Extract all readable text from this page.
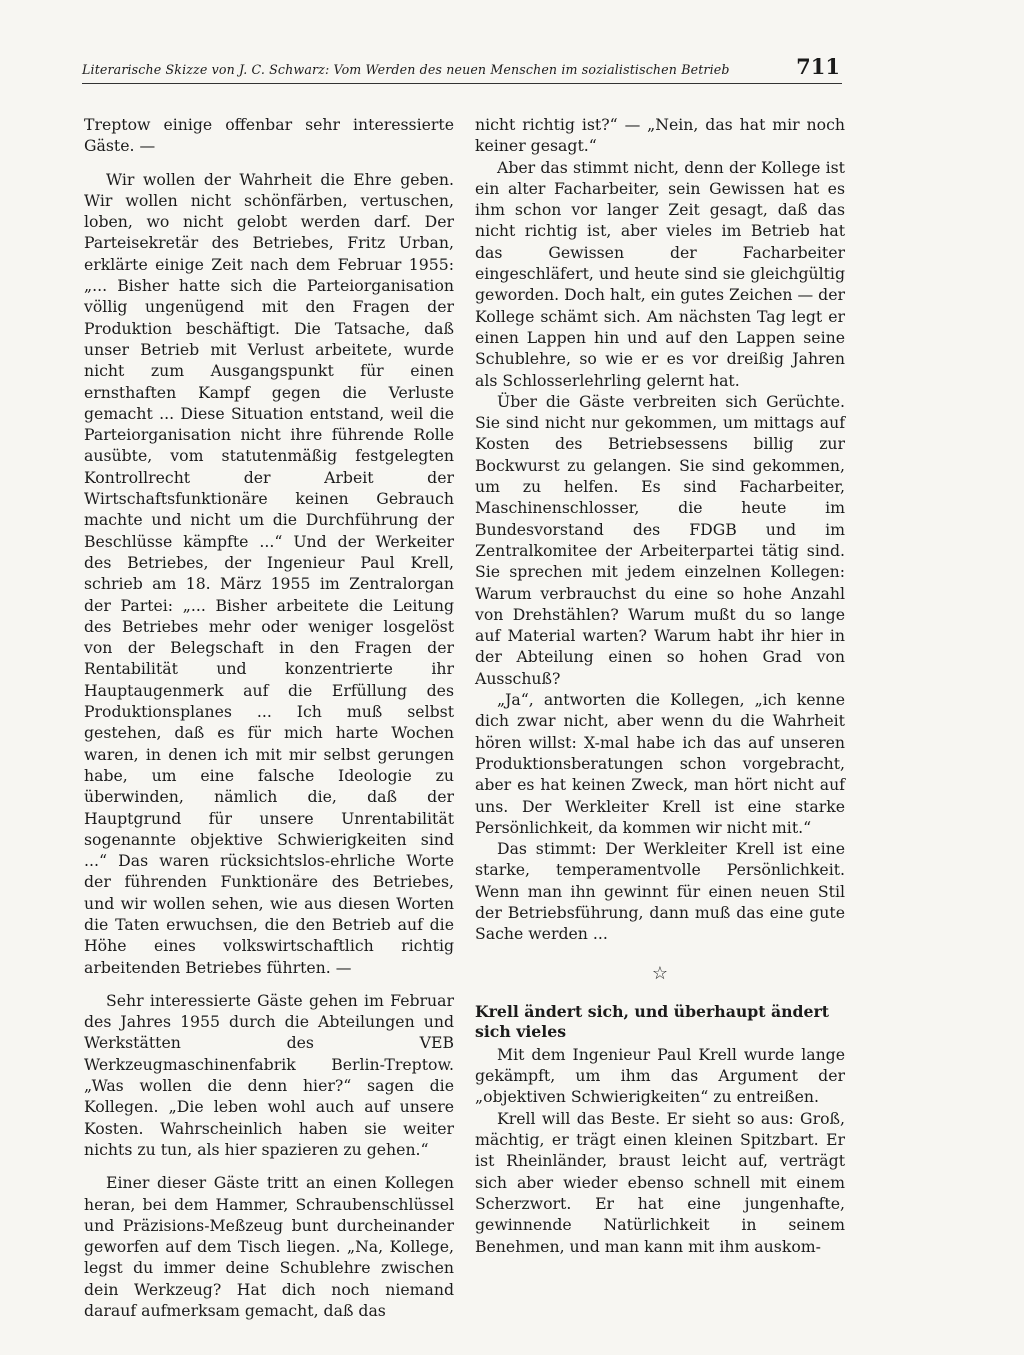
Literarische Skizze von J. C. Schwarz: Vom Werden des neuen Menschen im sozialistischen Betrieb	711

Treptow einige offenbar sehr interessierte Gäste. —

Wir wollen der Wahrheit die Ehre geben. Wir wollen nicht schönfärben, vertuschen, loben, wo nicht gelobt werden darf. Der Parteisekretär des Betriebes, Fritz Urban, erklärte einige Zeit nach dem Februar 1955: „... Bisher hatte sich die Parteiorganisation völlig ungenügend mit den Fragen der Produktion beschäftigt. Die Tatsache, daß unser Betrieb mit Verlust arbeitete, wurde nicht zum Ausgangspunkt für einen ernsthaften Kampf gegen die Verluste gemacht ... Diese Situation entstand, weil die Parteiorganisation nicht ihre führende Rolle ausübte, vom statutenmäßig festgelegten Kontrollrecht der Arbeit der Wirtschaftsfunktionäre keinen Gebrauch machte und nicht um die Durchführung der Beschlüsse kämpfte ...“ Und der Werkeiter des Betriebes, der Ingenieur Paul Krell, schrieb am 18. März 1955 im Zentralorgan der Partei: „... Bisher arbeitete die Leitung des Betriebes mehr oder weniger losgelöst von der Belegschaft in den Fragen der Rentabilität und konzentrierte ihr Hauptaugenmerk auf die Erfüllung des Produktionsplanes ... Ich muß selbst gestehen, daß es für mich harte Wochen waren, in denen ich mit mir selbst gerungen habe, um eine falsche Ideologie zu überwinden, nämlich die, daß der Hauptgrund für unsere Unrentabilität sogenannte objektive Schwierigkeiten sind ...“ Das waren rücksichtslos-ehrliche Worte der führenden Funktionäre des Betriebes, und wir wollen sehen, wie aus diesen Worten die Taten erwuchsen, die den Betrieb auf die Höhe eines volkswirtschaftlich richtig arbeitenden Betriebes führten. —

Sehr interessierte Gäste gehen im Februar des Jahres 1955 durch die Abteilungen und Werkstätten des VEB Werkzeugmaschinenfabrik Berlin-Treptow. „Was wollen die denn hier?“ sagen die Kollegen. „Die leben wohl auch auf unsere Kosten. Wahrscheinlich haben sie weiter nichts zu tun, als hier spazieren zu gehen.“

Einer dieser Gäste tritt an einen Kollegen heran, bei dem Hammer, Schraubenschlüssel und Präzisions-Meßzeug bunt durcheinander geworfen auf dem Tisch liegen. „Na, Kollege, legst du immer deine Schublehre zwischen dein Werkzeug? Hat dich noch niemand darauf aufmerksam gemacht, daß das

nicht richtig ist?“ — „Nein, das hat mir noch keiner gesagt.“

Aber das stimmt nicht, denn der Kollege ist ein alter Facharbeiter, sein Gewissen hat es ihm schon vor langer Zeit gesagt, daß das nicht richtig ist, aber vieles im Betrieb hat das Gewissen der Facharbeiter eingeschläfert, und heute sind sie gleichgültig geworden. Doch halt, ein gutes Zeichen — der Kollege schämt sich. Am nächsten Tag legt er einen Lappen hin und auf den Lappen seine Schublehre, so wie er es vor dreißig Jahren als Schlosserlehrling gelernt hat.

Über die Gäste verbreiten sich Gerüchte. Sie sind nicht nur gekommen, um mittags auf Kosten des Betriebsessens billig zur Bockwurst zu gelangen. Sie sind gekommen, um zu helfen. Es sind Facharbeiter, Maschinenschlosser, die heute im Bundesvorstand des FDGB und im Zentralkomitee der Arbeiterpartei tätig sind. Sie sprechen mit jedem einzelnen Kollegen: Warum verbrauchst du eine so hohe Anzahl von Drehstählen? Warum mußt du so lange auf Material warten? Warum habt ihr hier in der Abteilung einen so hohen Grad von Ausschuß?

„Ja“, antworten die Kollegen, „ich kenne dich zwar nicht, aber wenn du die Wahrheit hören willst: X-mal habe ich das auf unseren Produktionsberatungen schon vorgebracht, aber es hat keinen Zweck, man hört nicht auf uns. Der Werkleiter Krell ist eine starke Persönlichkeit, da kommen wir nicht mit.“

Das stimmt: Der Werkleiter Krell ist eine starke, temperamentvolle Persönlichkeit. Wenn man ihn gewinnt für einen neuen Stil der Betriebsführung, dann muß das eine gute Sache werden ...

☆
Krell ändert sich, und überhaupt ändert sich vieles

Mit dem Ingenieur Paul Krell wurde lange gekämpft, um ihm das Argument der „objektiven Schwierigkeiten“ zu entreißen.

Krell will das Beste. Er sieht so aus: Groß, mächtig, er trägt einen kleinen Spitzbart. Er ist Rheinländer, braust leicht auf, verträgt sich aber wieder ebenso schnell mit einem Scherzwort. Er hat eine jungenhafte, gewinnende Natürlichkeit in seinem Benehmen, und man kann mit ihm auskom-
